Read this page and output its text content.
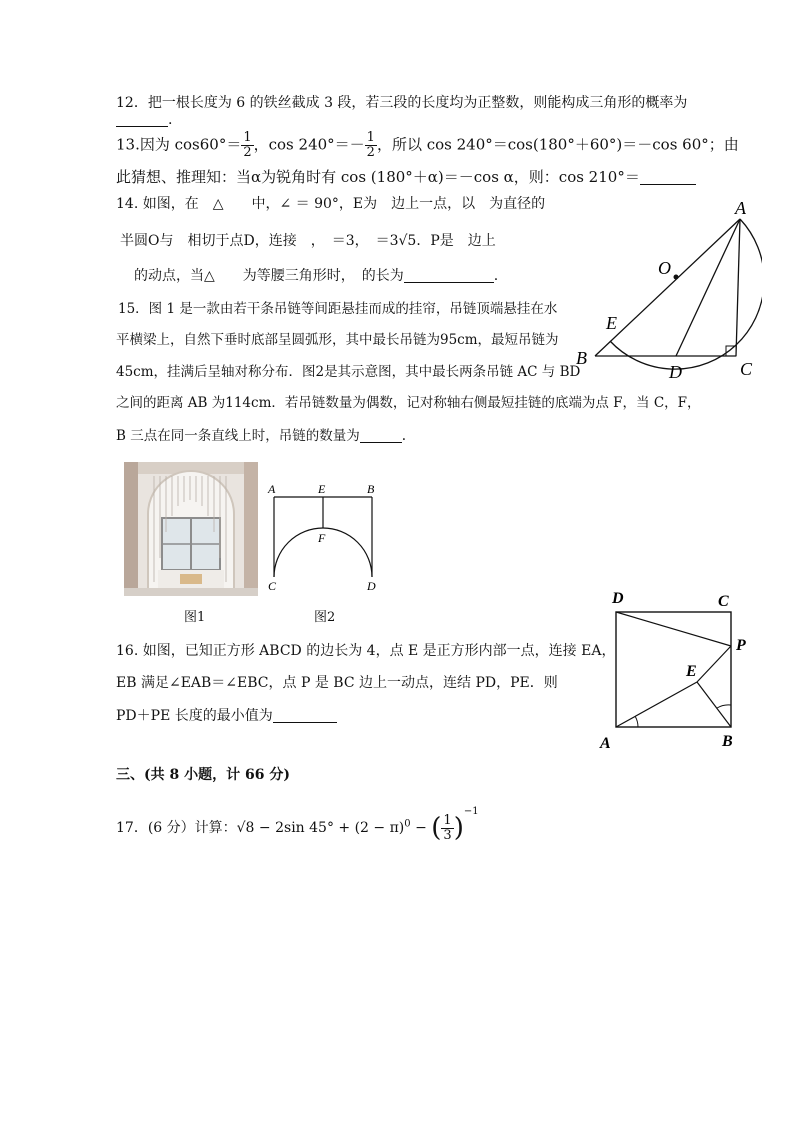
12．把一根长度为 6 的铁丝截成 3 段，若三段的长度均为正整数，则能构成三角形的概率为
.
13.因为 $\cos 60^\circ= \frac{1}{2}$ ，$\cos 240^\circ=- \frac{1}{2}$ ，所以 cos 240°＝cos(180°＋60°)＝－cos 60°；由
此猜想、推理知：当α为锐角时有 cos (180°＋α)＝－cos α，则：cos 210°＝
14. 如图，在　△　　中，∠ ＝ 90°，E为　边上一点，以　为直径的
半圆O与　相切于点D，连接　，　＝3，　＝3√5．P是　边上
的动点，当△　　为等腰三角形时，　的长为	.
A
O
E
B
D	C
15．图 1 是一款由若干条吊链等间距悬挂而成的挂帘，吊链顶端悬挂在水
平横梁上，自然下垂时底部呈圆弧形，其中最长吊链为95cm，最短吊链为
45cm，挂满后呈轴对称分布．图2是其示意图，其中最长两条吊链 AC 与 BD
之间的距离 AB 为114cm．若吊链数量为偶数，记对称轴右侧最短挂链的底端为点 F，当 C，F，
B 三点在同一条直线上时，吊链的数量为	.
图1
A	E	B
F
C	D
图2
16. 如图，已知正方形 ABCD 的边长为 4，点 E 是正方形内部一点，连接 EA，
EB 满足∠EAB＝∠EBC，点 P 是 BC 边上一动点，连结 PD，PE．则
PD＋PE 长度的最小值为
D	C
P
E
A	B
三、(共 8 小题，计 66 分)
17．(6 分）计算：√8 − 2sin $45^\circ + (2 - \pi)^0$ − ( $\frac{1}{3} )^{-1}$
